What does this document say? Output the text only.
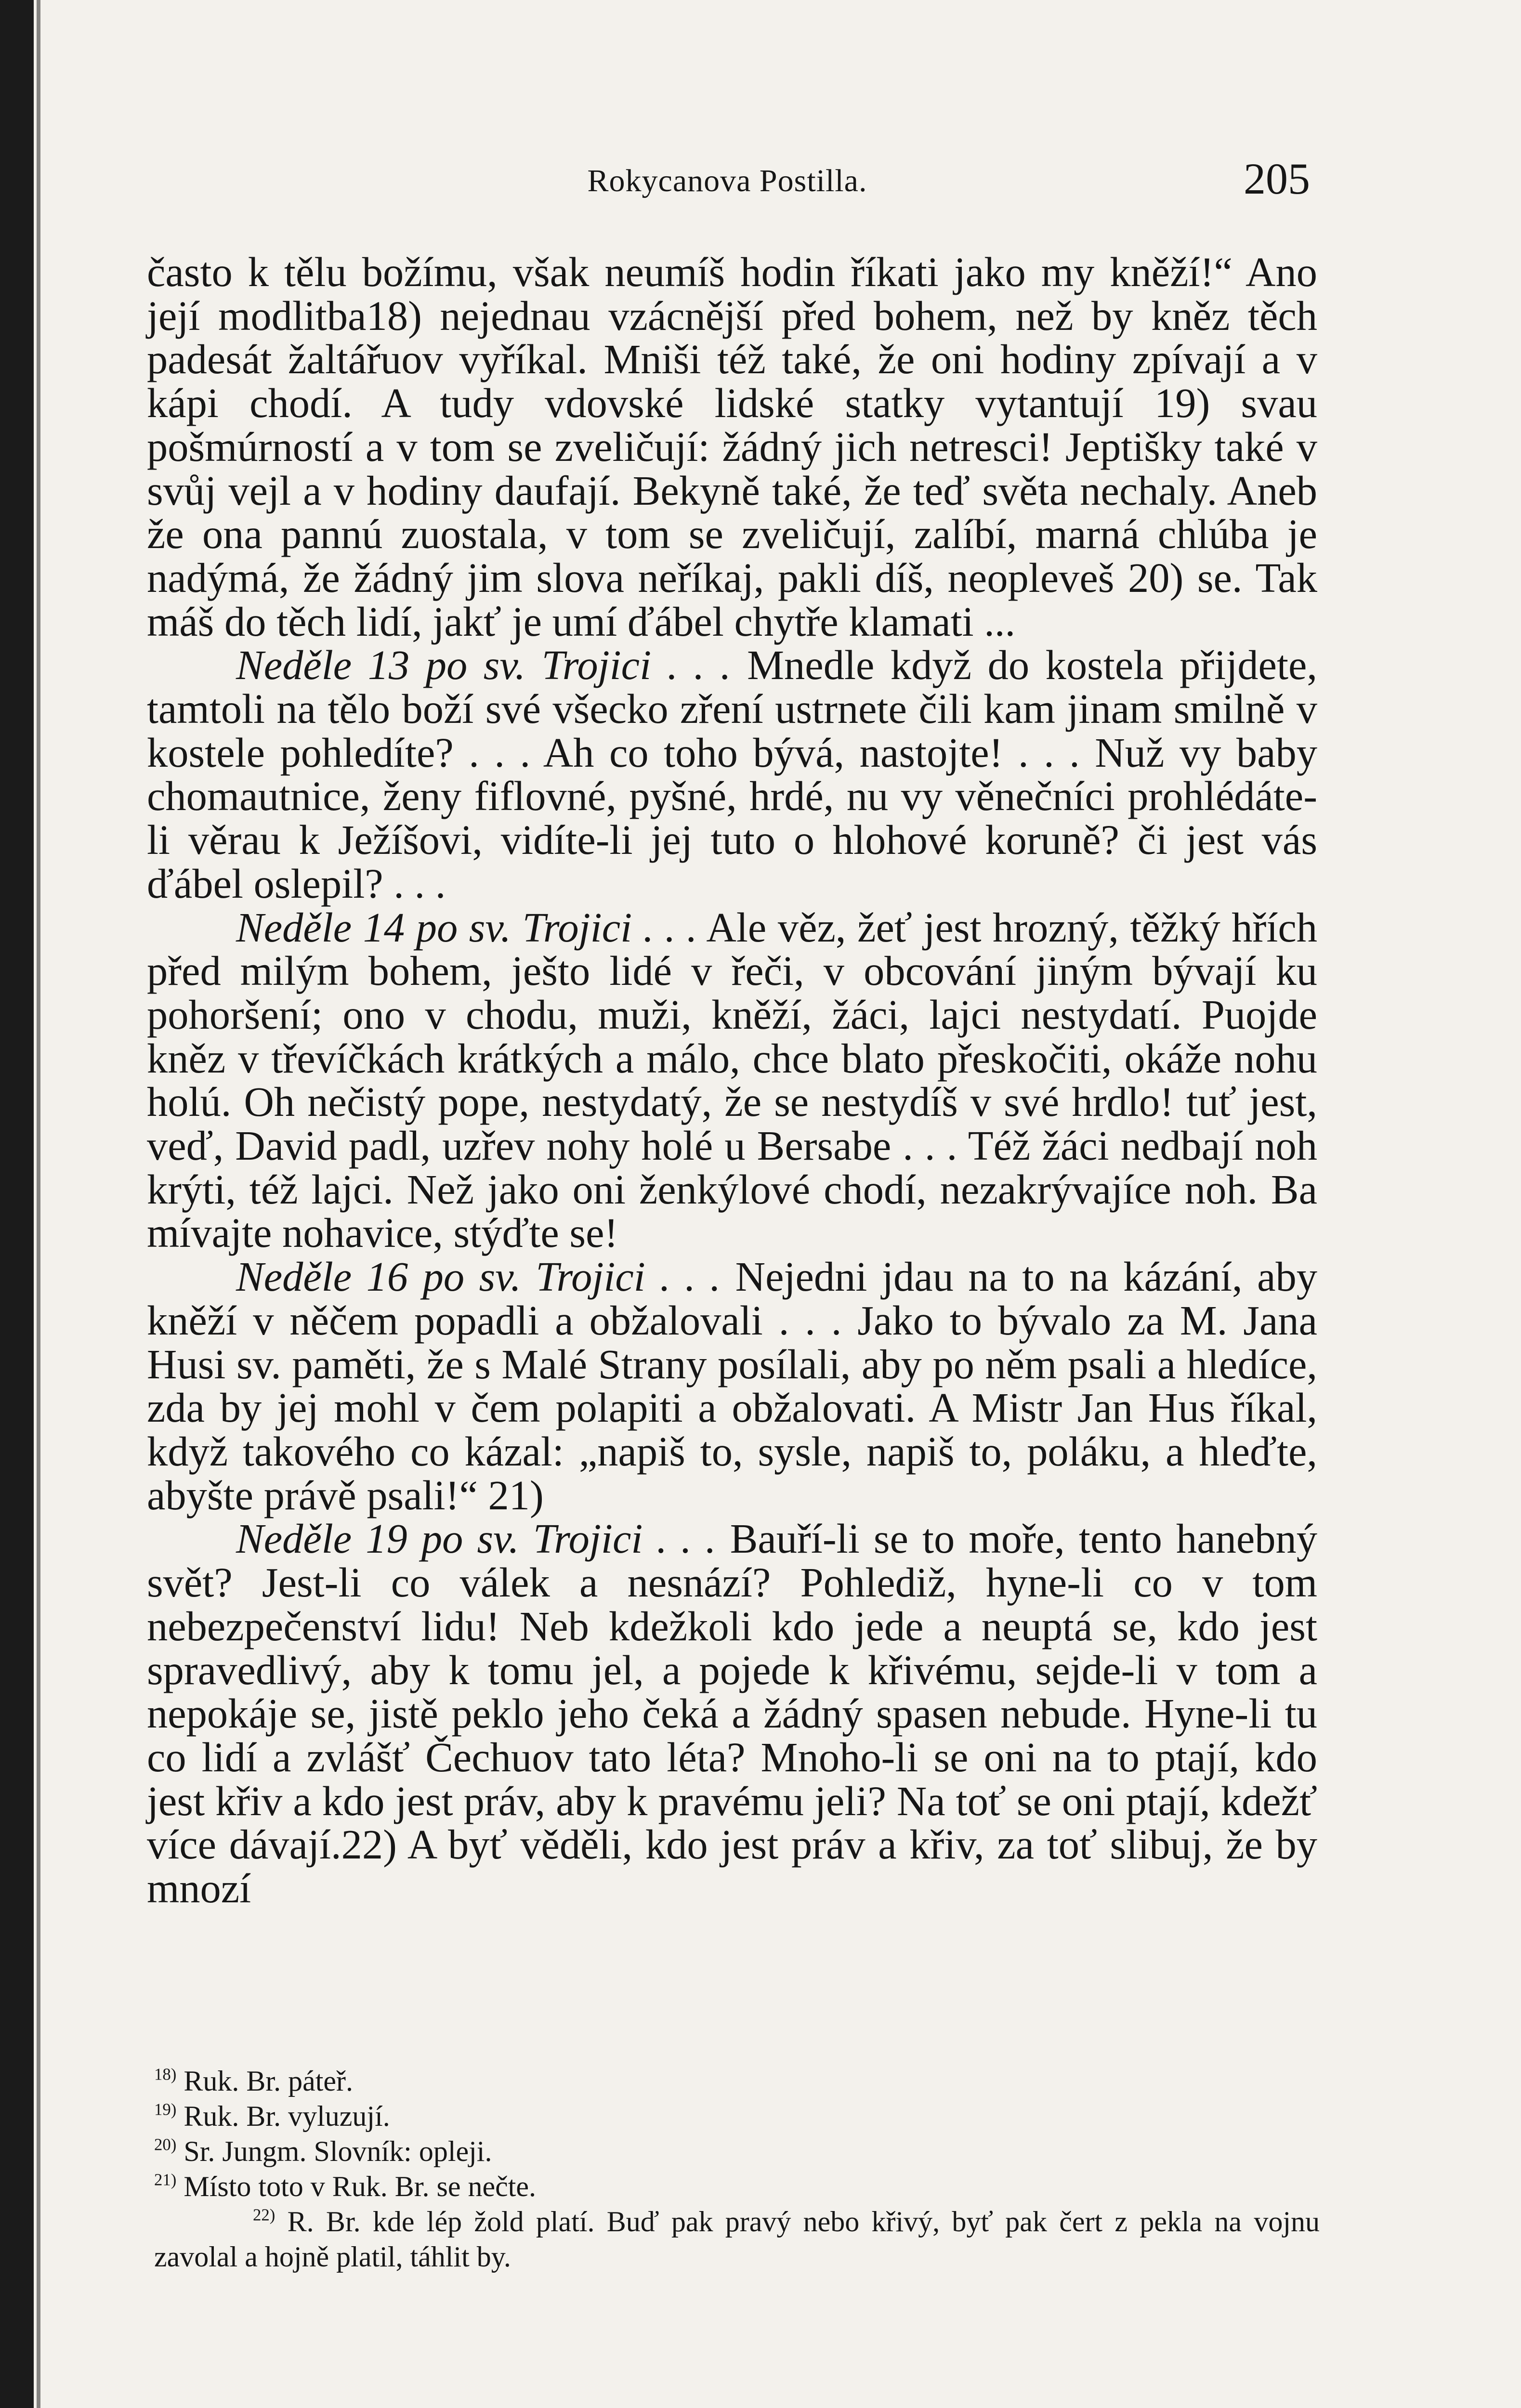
Rokycanova Postilla.	205

často k tělu božímu, však neumíš hodin říkati jako my kněží!“ Ano její modlitba18) nejednau vzácnější před bohem, než by kněz těch padesát žaltářuov vyříkal. Mniši též také, že oni hodiny zpívají a v kápi chodí. A tudy vdovské lidské statky vytantují 19) svau pošmúrností a v tom se zveličují: žádný jich netresci! Jeptišky také v svůj vejl a v hodiny daufají. Bekyně také, že teď světa nechaly. Aneb že ona pannú zuostala, v tom se zveličují, zalíbí, marná chlúba je nadýmá, že žádný jim slova neříkaj, pakli díš, neopleveš 20) se. Tak máš do těch lidí, jakť je umí ďábel chytře klamati ...

Neděle 13 po sv. Trojici . . . Mnedle když do kostela přijdete, tamtoli na tělo boží své všecko zření ustrnete čili kam jinam smilně v kostele pohledíte? . . . Ah co toho bývá, nastojte! . . . Nuž vy baby chomautnice, ženy fiflovné, pyšné, hrdé, nu vy věnečníci prohlédáte-li věrau k Ježíšovi, vidíte-li jej tuto o hlohové koruně? či jest vás ďábel oslepil? . . .

Neděle 14 po sv. Trojici . . . Ale věz, žeť jest hrozný, těžký hřích před milým bohem, ješto lidé v řeči, v obcování jiným bývají ku pohoršení; ono v chodu, muži, kněží, žáci, lajci nestydatí. Puojde kněz v třevíčkách krátkých a málo, chce blato přeskočiti, okáže nohu holú. Oh nečistý pope, nestydatý, že se nestydíš v své hrdlo! tuť jest, veď, David padl, uzřev nohy holé u Bersabe . . . Též žáci nedbají noh krýti, též lajci. Než jako oni ženkýlové chodí, nezakrývajíce noh. Ba mívajte nohavice, stýďte se!

Neděle 16 po sv. Trojici . . . Nejedni jdau na to na kázání, aby kněží v něčem popadli a obžalovali . . . Jako to bývalo za M. Jana Husi sv. paměti, že s Malé Strany posílali, aby po něm psali a hledíce, zda by jej mohl v čem polapiti a obžalovati. A Mistr Jan Hus říkal, když takového co kázal: „napiš to, sysle, napiš to, poláku, a hleďte, abyšte právě psali!“ 21)

Neděle 19 po sv. Trojici . . . Bauří-li se to moře, tento hanebný svět? Jest-li co válek a nesnází? Pohlediž, hyne-li co v tom nebezpečenství lidu! Neb kdežkoli kdo jede a neuptá se, kdo jest spravedlivý, aby k tomu jel, a pojede k křivému, sejde-li v tom a nepokáje se, jistě peklo jeho čeká a žádný spasen nebude. Hyne-li tu co lidí a zvlášť Čechuov tato léta? Mnoho-li se oni na to ptají, kdo jest křiv a kdo jest práv, aby k pravému jeli? Na toť se oni ptají, kdežť více dávají.22) A byť věděli, kdo jest práv a křiv, za toť slibuj, že by mnozí

$^{18)}$ Ruk. Br. páteř.

$^{19)}$ Ruk. Br. vyluzují.

$^{20)}$ Sr. Jungm. Slovník: opleji.

$^{21)}$ Místo toto v Ruk. Br. se nečte.

$^{22)}$ R. Br. kde lép žold platí. Buď pak pravý nebo křivý, byť pak čert z pekla na vojnu zavolal a hojně platil, táhlit by.
